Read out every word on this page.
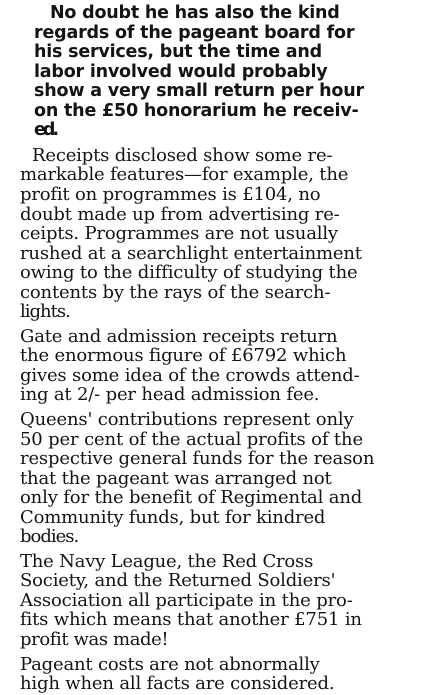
No doubt he has also the kind
regards of the pageant board for
his services, but the time and
labor involved would probably
show a very small return per hour
on the £50 honorarium he receiv-
ed.
Receipts disclosed show some re-
markable features—for example, the
profit on programmes is £104, no
doubt made up from advertising re-
ceipts. Programmes are not usually
rushed at a searchlight entertainment
owing to the difficulty of studying the
contents by the rays of the search-
lights.
Gate and admission receipts return
the enormous figure of £6792 which
gives some idea of the crowds attend-
ing at 2/- per head admission fee.
Queens' contributions represent only
50 per cent of the actual profits of the
respective general funds for the reason
that the pageant was arranged not
only for the benefit of Regimental and
Community funds, but for kindred
bodies.
The Navy League, the Red Cross
Society, and the Returned Soldiers'
Association all participate in the pro-
fits which means that another £751 in
profit was made!
Pageant costs are not abnormally
high when all facts are considered.
